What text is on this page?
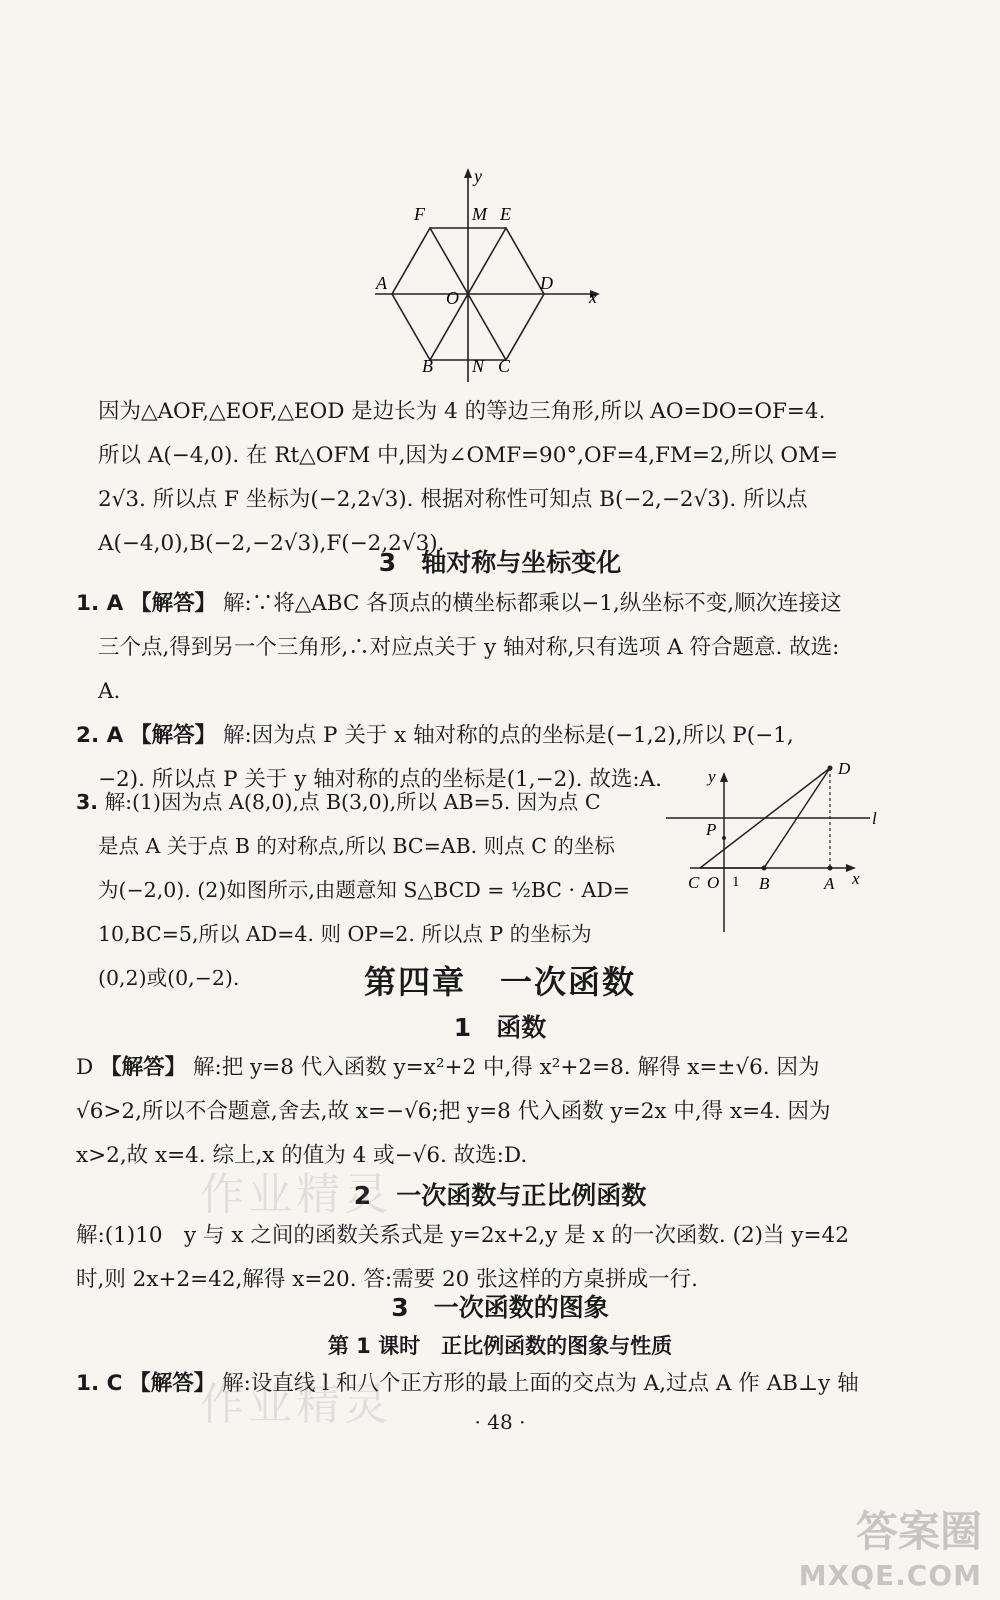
y
F	M E
A
O
D
x
B N C
因为△AOF,△EOF,△EOD 是边长为 4 的等边三角形,所以 AO=DO=OF=4.
所以 A(−4,0). 在 Rt△OFM 中,因为∠OMF=90°,OF=4,FM=2,所以 OM=
2√3. 所以点 F 坐标为(−2,2√3). 根据对称性可知点 B(−2,−2√3). 所以点
A(−4,0),B(−2,−2√3),F(−2,2√3).
3　轴对称与坐标变化
1. A 【解答】 解:∵将△ABC 各顶点的横坐标都乘以−1,纵坐标不变,顺次连接这
三个点,得到另一个三角形,∴对应点关于 y 轴对称,只有选项 A 符合题意. 故选:
A.
2. A 【解答】 解:因为点 P 关于 x 轴对称的点的坐标是(−1,2),所以 P(−1,
−2). 所以点 P 关于 y 轴对称的点的坐标是(1,−2). 故选:A.
3. 解:(1)因为点 A(8,0),点 B(3,0),所以 AB=5. 因为点 C
是点 A 关于点 B 的对称点,所以 BC=AB. 则点 C 的坐标
为(−2,0). (2)如图所示,由题意知 S△BCD = ½BC · AD=
10,BC=5,所以 AD=4. 则 OP=2. 所以点 P 的坐标为
(0,2)或(0,−2).
y	D
l
P
C O 1 B	A x
第四章　一次函数
1　函数
D 【解答】 解:把 y=8 代入函数 y=x²+2 中,得 x²+2=8. 解得 x=±√6. 因为
√6>2,所以不合题意,舍去,故 x=−√6;把 y=8 代入函数 y=2x 中,得 x=4. 因为
x>2,故 x=4. 综上,x 的值为 4 或−√6. 故选:D.
2　一次函数与正比例函数
解:(1)10　y 与 x 之间的函数关系式是 y=2x+2,y 是 x 的一次函数. (2)当 y=42
时,则 2x+2=42,解得 x=20. 答:需要 20 张这样的方桌拼成一行.
3　一次函数的图象
第 1 课时　正比例函数的图象与性质
1. C 【解答】 解:设直线 l 和八个正方形的最上面的交点为 A,过点 A 作 AB⊥y 轴
· 48 ·
作业精灵
作业精灵
答案圈
MXQE.COM
